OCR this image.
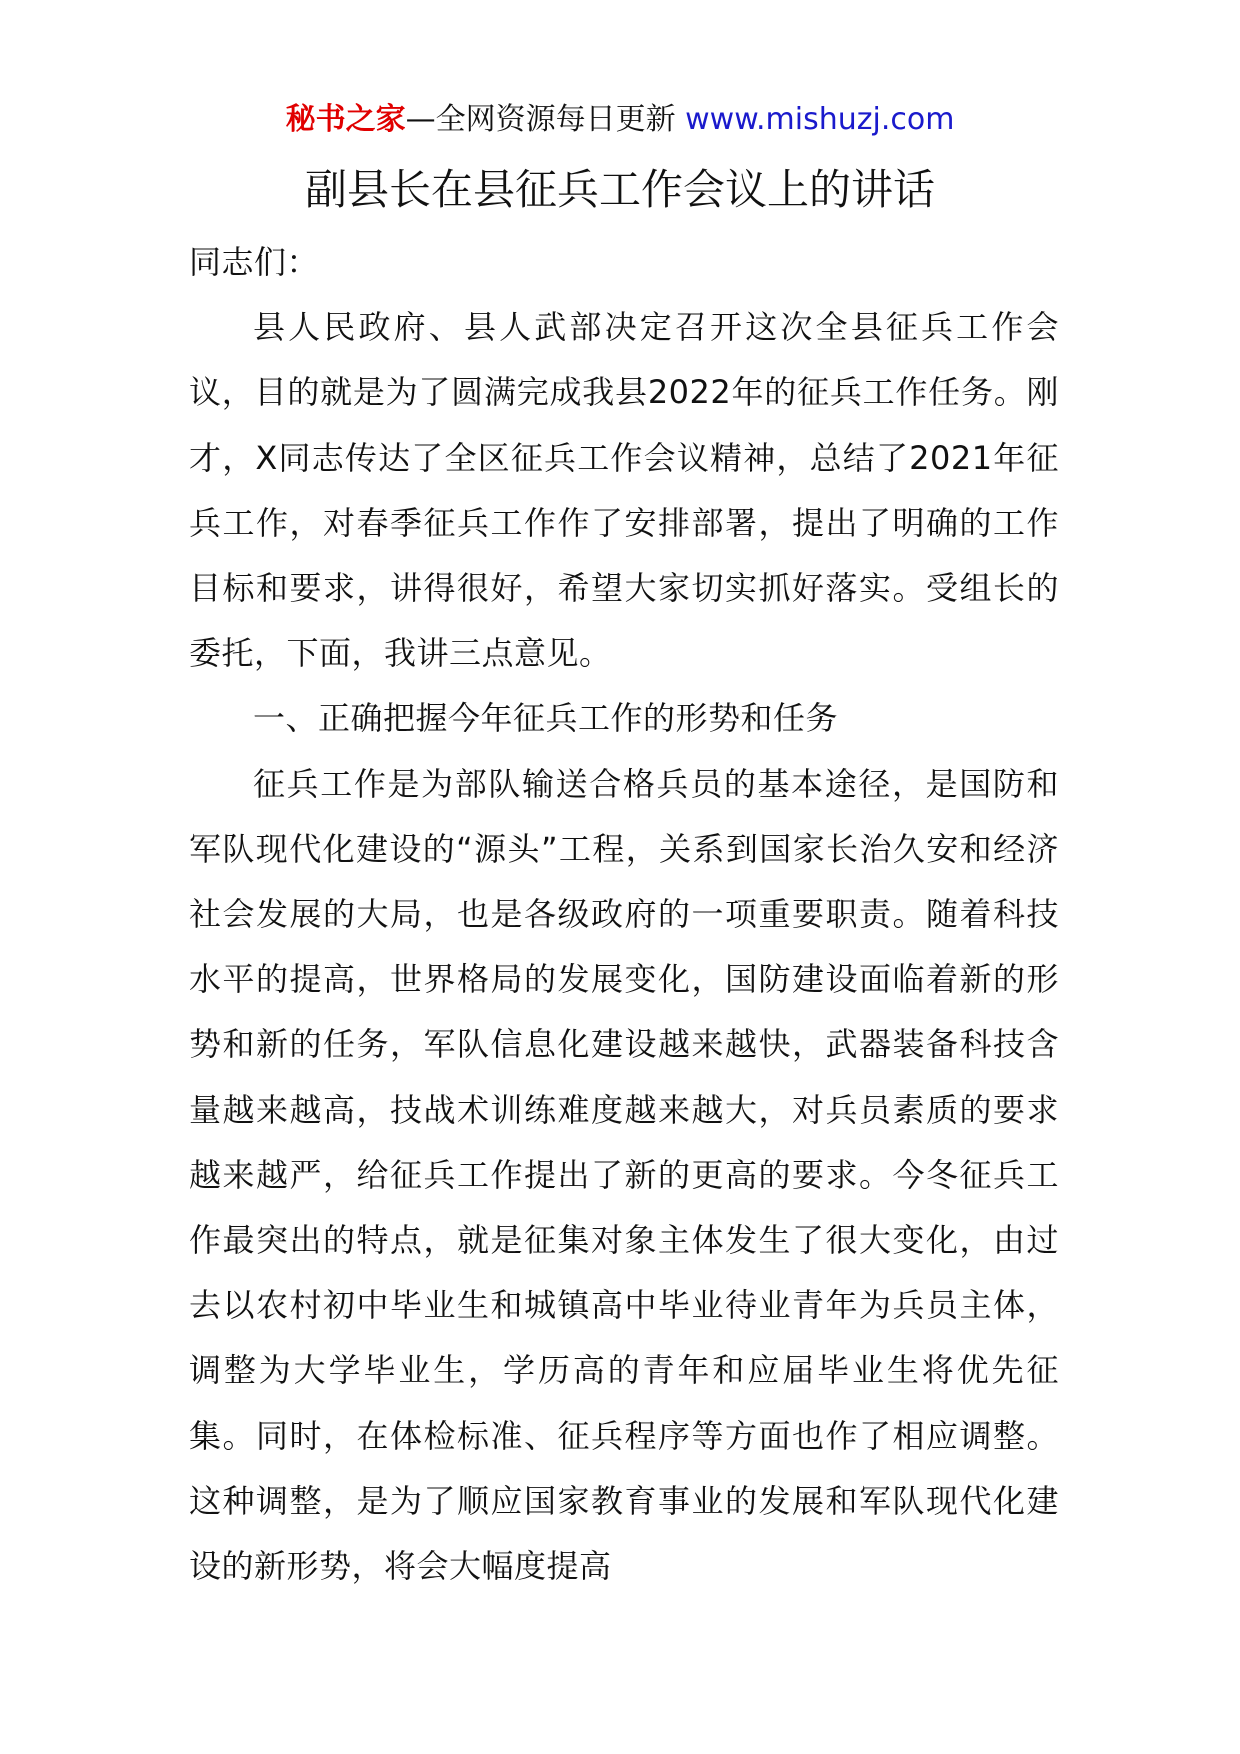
秘书之家—全网资源每日更新 www.mishuzj.com
副县长在县征兵工作会议上的讲话

同志们：

县人民政府、县人武部决定召开这次全县征兵工作会议，目的就是为了圆满完成我县2022年的征兵工作任务。刚才，X同志传达了全区征兵工作会议精神，总结了2021年征兵工作，对春季征兵工作作了安排部署，提出了明确的工作目标和要求，讲得很好，希望大家切实抓好落实。受组长的委托，下面，我讲三点意见。

一、正确把握今年征兵工作的形势和任务

征兵工作是为部队输送合格兵员的基本途径，是国防和军队现代化建设的“源头”工程，关系到国家长治久安和经济社会发展的大局，也是各级政府的一项重要职责。随着科技水平的提高，世界格局的发展变化，国防建设面临着新的形势和新的任务，军队信息化建设越来越快，武器装备科技含量越来越高，技战术训练难度越来越大，对兵员素质的要求越来越严，给征兵工作提出了新的更高的要求。今冬征兵工作最突出的特点，就是征集对象主体发生了很大变化，由过去以农村初中毕业生和城镇高中毕业待业青年为兵员主体，调整为大学毕业生，学历高的青年和应届毕业生将优先征集。同时，在体检标准、征兵程序等方面也作了相应调整。这种调整，是为了顺应国家教育事业的发展和军队现代化建设的新形势，将会大幅度提高
